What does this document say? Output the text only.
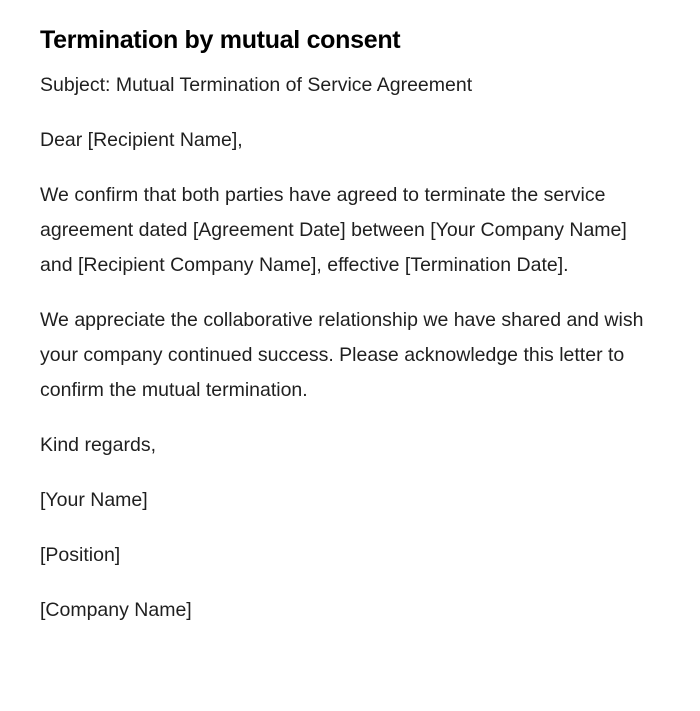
Termination by mutual consent

Subject: Mutual Termination of Service Agreement

Dear [Recipient Name],

We confirm that both parties have agreed to terminate the service agreement dated [Agreement Date] between [Your Company Name] and [Recipient Company Name], effective [Termination Date].

We appreciate the collaborative relationship we have shared and wish your company continued success. Please acknowledge this letter to confirm the mutual termination.

Kind regards,

[Your Name]

[Position]

[Company Name]
